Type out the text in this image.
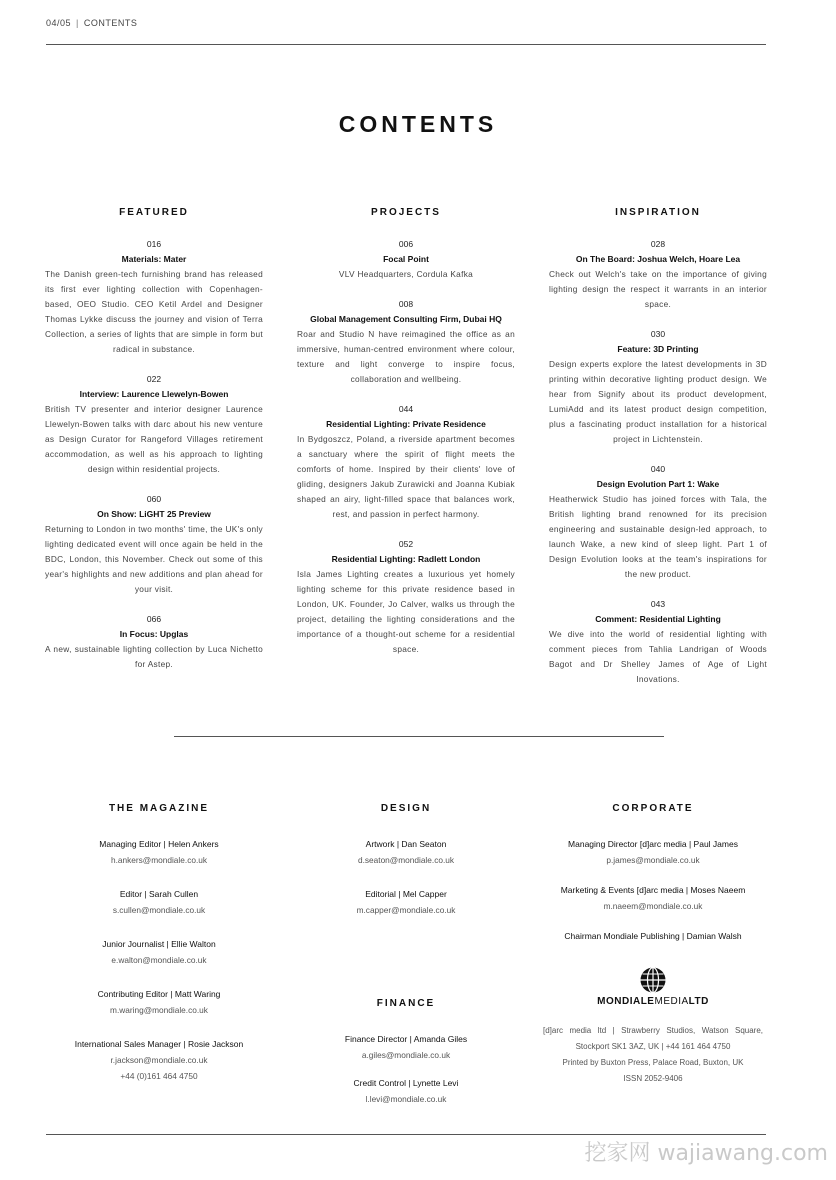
04/05 | CONTENTS
CONTENTS
FEATURED
016
Materials: Mater
The Danish green-tech furnishing brand has released its first ever lighting collection with Copenhagen-based, OEO Studio. CEO Ketil Ardel and Designer Thomas Lykke discuss the journey and vision of Terra Collection, a series of lights that are simple in form but radical in substance.
022
Interview: Laurence Llewelyn-Bowen
British TV presenter and interior designer Laurence Llewelyn-Bowen talks with darc about his new venture as Design Curator for Rangeford Villages retirement accommodation, as well as his approach to lighting design within residential projects.
060
On Show: LiGHT 25 Preview
Returning to London in two months' time, the UK's only lighting dedicated event will once again be held in the BDC, London, this November. Check out some of this year's highlights and new additions and plan ahead for your visit.
066
In Focus: Upglas
A new, sustainable lighting collection by Luca Nichetto for Astep.
PROJECTS
006
Focal Point
VLV Headquarters, Cordula Kafka
008
Global Management Consulting Firm, Dubai HQ
Roar and Studio N have reimagined the office as an immersive, human-centred environment where colour, texture and light converge to inspire focus, collaboration and wellbeing.
044
Residential Lighting: Private Residence
In Bydgoszcz, Poland, a riverside apartment becomes a sanctuary where the spirit of flight meets the comforts of home. Inspired by their clients' love of gliding, designers Jakub Zurawicki and Joanna Kubiak shaped an airy, light-filled space that balances work, rest, and passion in perfect harmony.
052
Residential Lighting: Radlett London
Isla James Lighting creates a luxurious yet homely lighting scheme for this private residence based in London, UK. Founder, Jo Calver, walks us through the project, detailing the lighting considerations and the importance of a thought-out scheme for a residential space.
INSPIRATION
028
On The Board: Joshua Welch, Hoare Lea
Check out Welch's take on the importance of giving lighting design the respect it warrants in an interior space.
030
Feature: 3D Printing
Design experts explore the latest developments in 3D printing within decorative lighting product design. We hear from Signify about its product development, LumiAdd and its latest product design competition, plus a fascinating product installation for a historical project in Lichtenstein.
040
Design Evolution Part 1: Wake
Heatherwick Studio has joined forces with Tala, the British lighting brand renowned for its precision engineering and sustainable design-led approach, to launch Wake, a new kind of sleep light. Part 1 of Design Evolution looks at the team's inspirations for the new product.
043
Comment: Residential Lighting
We dive into the world of residential lighting with comment pieces from Tahlia Landrigan of Woods Bagot and Dr Shelley James of Age of Light Inovations.
THE MAGAZINE
Managing Editor | Helen Ankers
h.ankers@mondiale.co.uk
Editor | Sarah Cullen
s.cullen@mondiale.co.uk
Junior Journalist | Ellie Walton
e.walton@mondiale.co.uk
Contributing Editor | Matt Waring
m.waring@mondiale.co.uk
International Sales Manager | Rosie Jackson
r.jackson@mondiale.co.uk
+44 (0)161 464 4750
DESIGN
Artwork | Dan Seaton
d.seaton@mondiale.co.uk
Editorial | Mel Capper
m.capper@mondiale.co.uk
FINANCE
Finance Director | Amanda Giles
a.giles@mondiale.co.uk
Credit Control | Lynette Levi
l.levi@mondiale.co.uk
CORPORATE
Managing Director [d]arc media | Paul James
p.james@mondiale.co.uk
Marketing & Events [d]arc media | Moses Naeem
m.naeem@mondiale.co.uk
Chairman Mondiale Publishing | Damian Walsh
MONDIALEMEDIALTD
[d]arc media ltd | Strawberry Studios, Watson Square, Stockport SK1 3AZ, UK | +44 161 464 4750
Printed by Buxton Press, Palace Road, Buxton, UK
ISSN 2052-9406
挖家网 wajiawang.com
